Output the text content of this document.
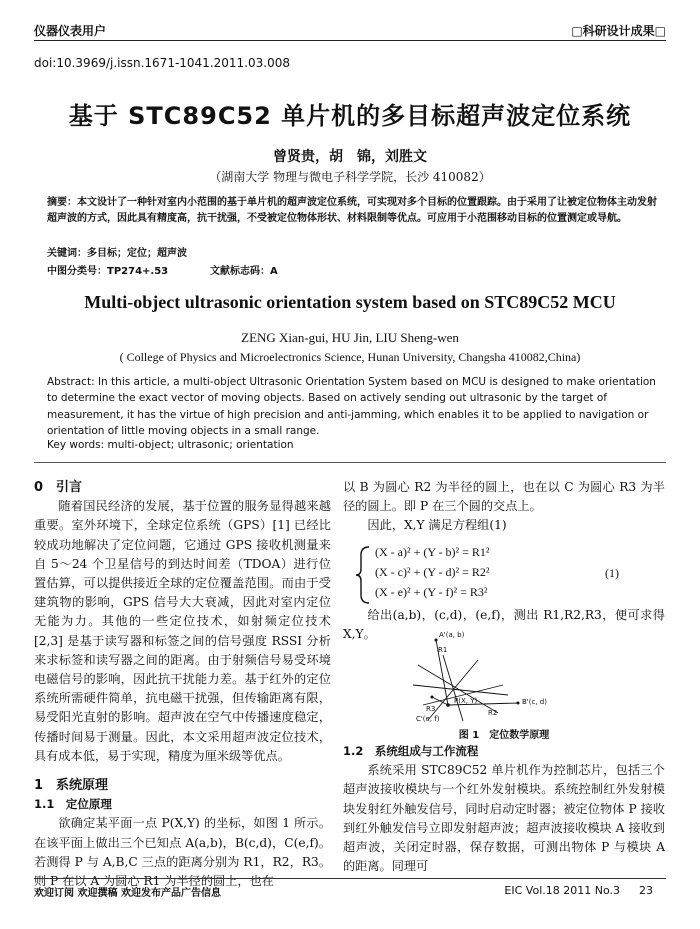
仪器仪表用户	□科研设计成果□
doi:10.3969/j.issn.1671-1041.2011.03.008
基于 STC89C52 单片机的多目标超声波定位系统
曾贤贵，胡　锦，刘胜文
（湖南大学 物理与微电子科学学院，长沙 410082）
摘要：本文设计了一种针对室内小范围的基于单片机的超声波定位系统，可实现对多个目标的位置跟踪。由于采用了让被定位物体主动发射超声波的方式，因此具有精度高，抗干扰强，不受被定位物体形状、材料限制等优点。可应用于小范围移动目标的位置测定或导航。
关键词：多目标；定位；超声波
中图分类号：TP274+.53	文献标志码：A
Multi-object ultrasonic orientation system based on STC89C52 MCU
ZENG Xian-gui, HU Jin, LIU Sheng-wen
( College of Physics and Microelectronics Science, Hunan University, Changsha 410082,China)
Abstract: In this article, a multi-object Ultrasonic Orientation System based on MCU is designed to make orientation to determine the exact vector of moving objects. Based on actively sending out ultrasonic by the target of measurement, it has the virtue of high precision and anti-jamming, which enables it to be applied to navigation or orientation of little moving objects in a small range.
Key words: multi-object; ultrasonic; orientation
0　引言
随着国民经济的发展，基于位置的服务显得越来越重要。室外环境下，全球定位系统（GPS）[1] 已经比较成功地解决了定位问题，它通过 GPS 接收机测量来自 5～24 个卫星信号的到达时间差（TDOA）进行位置估算，可以提供接近全球的定位覆盖范围。而由于受建筑物的影响，GPS 信号大大衰减，因此对室内定位无能为力。其他的一些定位技术，如射频定位技术 [2,3] 是基于读写器和标签之间的信号强度 RSSI 分析来求标签和读写器之间的距离。由于射频信号易受环境电磁信号的影响，因此抗干扰能力差。基于红外的定位系统所需硬件简单，抗电磁干扰强，但传输距离有限，易受阳光直射的影响。超声波在空气中传播速度稳定，传播时间易于测量。因此，本文采用超声波定位技术，具有成本低，易于实现，精度为厘米级等优点。
1　系统原理
1.1　定位原理
欲确定某平面一点 P(X,Y) 的坐标，如图 1 所示。在该平面上做出三个已知点 A(a,b)，B(c,d)，C(e,f)。若测得 P 与 A,B,C 三点的距离分别为 R1，R2，R3。则 P 在以 A 为圆心 R1 为半径的圆上，也在
以 B 为圆心 R2 为半径的圆上，也在以 C 为圆心 R3 为半径的圆上。即 P 在三个圆的交点上。
因此，X,Y 满足方程组(1)
(X - a)² + (Y - b)² = R1²
(X - c)² + (Y - d)² = R2²
(X - e)² + (Y - f)² = R3²
(1)
给出(a,b)，(c,d)，(e,f)，测出 R1,R2,R3，便可求得 X,Y。	A'(a, b)
B'(c, d)
C'(e, f)
P(X, Y)
R1
R2
R3
图 1　定位数学原理
1.2　系统组成与工作流程
系统采用 STC89C52 单片机作为控制芯片，包括三个超声波接收模块与一个红外发射模块。系统控制红外发射模块发射红外触发信号，同时启动定时器；被定位物体 P 接收到红外触发信号立即发射超声波；超声波接收模块 A 接收到超声波，关闭定时器，保存数据，可测出物体 P 与模块 A 的距离。同理可
欢迎订阅 欢迎撰稿 欢迎发布产品广告信息	EIC Vol.18 2011 No.3 23
